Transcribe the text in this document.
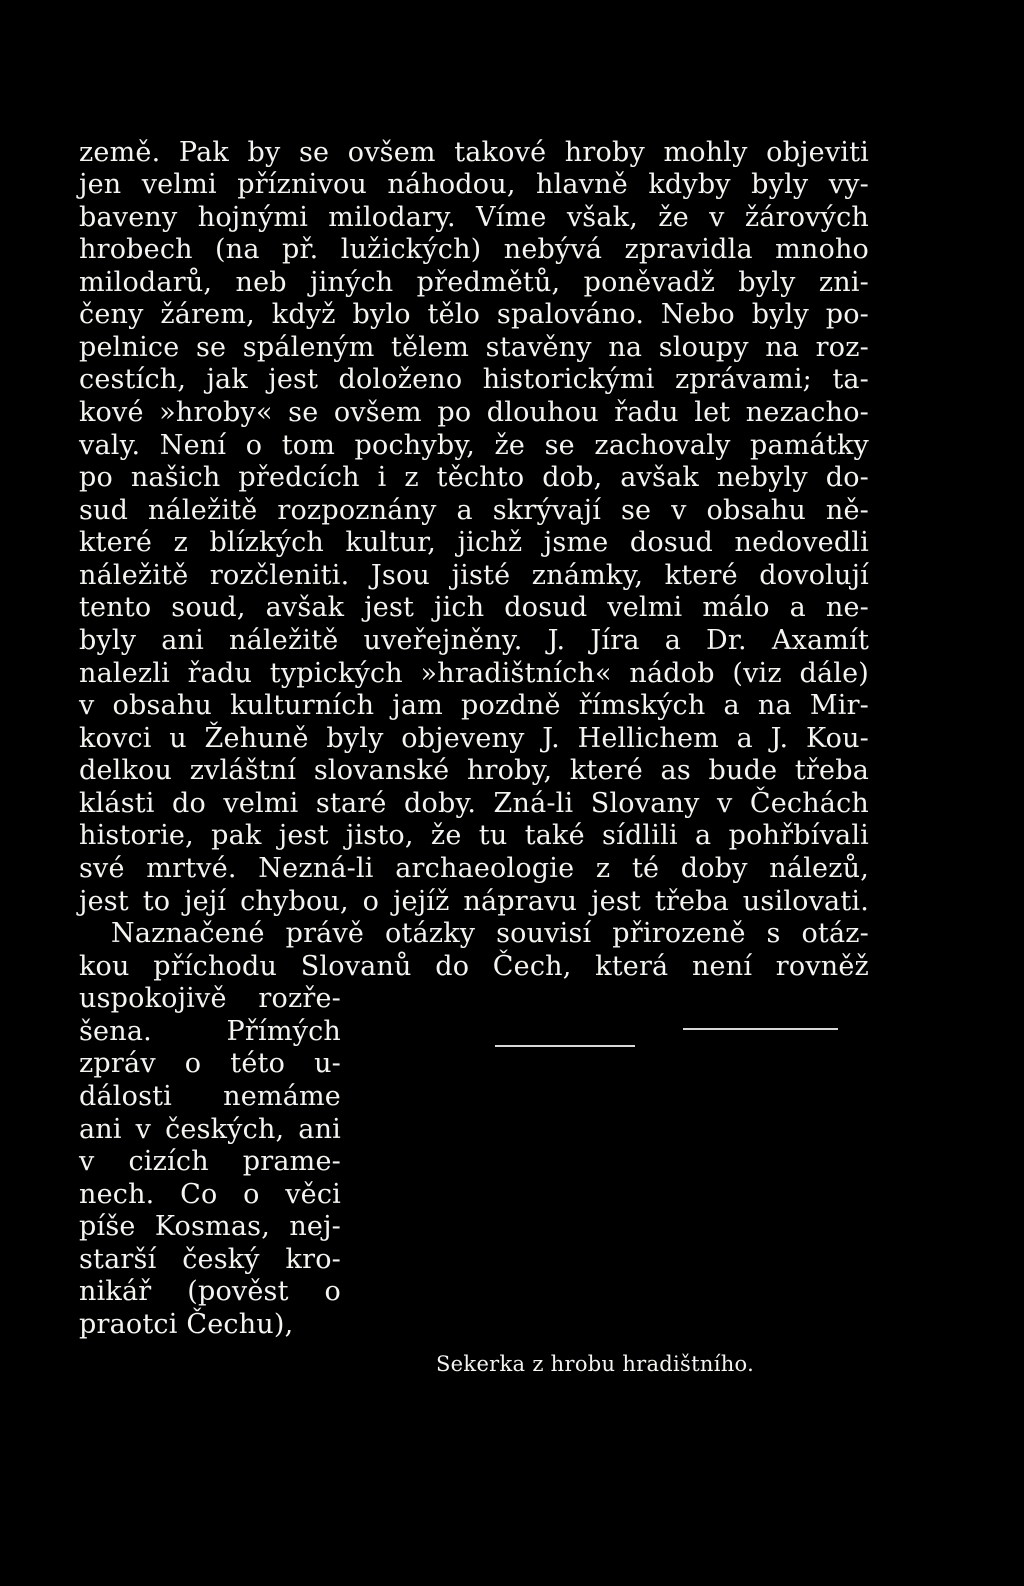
země. Pak by se ovšem takové hroby mohly objeviti
jen velmi příznivou náhodou, hlavně kdyby byly vy-
baveny hojnými milodary. Víme však, že v žárových
hrobech (na př. lužických) nebývá zpravidla mnoho
milodarů, neb jiných předmětů, poněvadž byly zni-
čeny žárem, když bylo tělo spalováno. Nebo byly po-
pelnice se spáleným tělem stavěny na sloupy na roz-
cestích, jak jest doloženo historickými zprávami; ta-
kové »hroby« se ovšem po dlouhou řadu let nezacho-
valy. Není o tom pochyby, že se zachovaly památky
po našich předcích i z těchto dob, avšak nebyly do-
sud náležitě rozpoznány a skrývají se v obsahu ně-
které z blízkých kultur, jichž jsme dosud nedovedli
náležitě rozčleniti. Jsou jisté známky, které dovolují
tento soud, avšak jest jich dosud velmi málo a ne-
byly ani náležitě uveřejněny. J. Jíra a Dr. Axamít
nalezli řadu typických »hradištních« nádob (viz dále)
v obsahu kulturních jam pozdně římských a na Mir-
kovci u Žehuně byly objeveny J. Hellichem a J. Kou-
delkou zvláštní slovanské hroby, které as bude třeba
klásti do velmi staré doby. Zná-li Slovany v Čechách
historie, pak jest jisto, že tu také sídlili a pohřbívali
své mrtvé. Nezná-li archaeologie z té doby nálezů,
jest to její chybou, o jejíž nápravu jest třeba usilovati.
Naznačené právě otázky souvisí přirozeně s otáz-
kou příchodu Slovanů do Čech, která není rovněž
uspokojivě rozře-
šena. Přímých
zpráv o této u-
dálosti nemáme
ani v českých, ani
v cizích prame-
nech. Co o věci
píše Kosmas, nej-
starší český kro-
nikář (pověst o
praotci Čechu),
Sekerka z hrobu hradištního.
